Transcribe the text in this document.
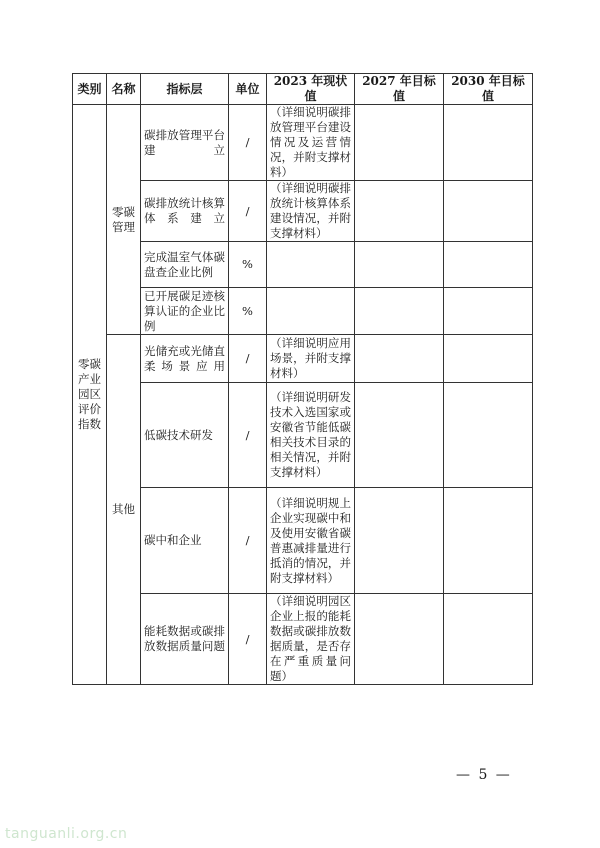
类别	名称	指标层	单位	2023 年现状值	2027 年目标值	2030 年目标值
零碳产业园区评价指数	零碳管理	碳排放管理平台建立	/	（详细说明碳排放管理平台建设情况及运营情况，并附支撑材料）		
		碳排放统计核算体系建立	/	（详细说明碳排放统计核算体系建设情况，并附支撑材料）		
		完成温室气体碳盘查企业比例	%			
		已开展碳足迹核算认证的企业比例	%			
	其他	光储充或光储直柔场景应用	/	（详细说明应用场景，并附支撑材料）		
		低碳技术研发	/	（详细说明研发技术入选国家或安徽省节能低碳相关技术目录的相关情况，并附支撑材料）		
		碳中和企业	/	（详细说明规上企业实现碳中和及使用安徽省碳普惠减排量进行抵消的情况，并附支撑材料）		
		能耗数据或碳排放数据质量问题	/	（详细说明园区企业上报的能耗数据或碳排放数据质量，是否存在严重质量问题）		
— 5 —
tanguanli.org.cn
